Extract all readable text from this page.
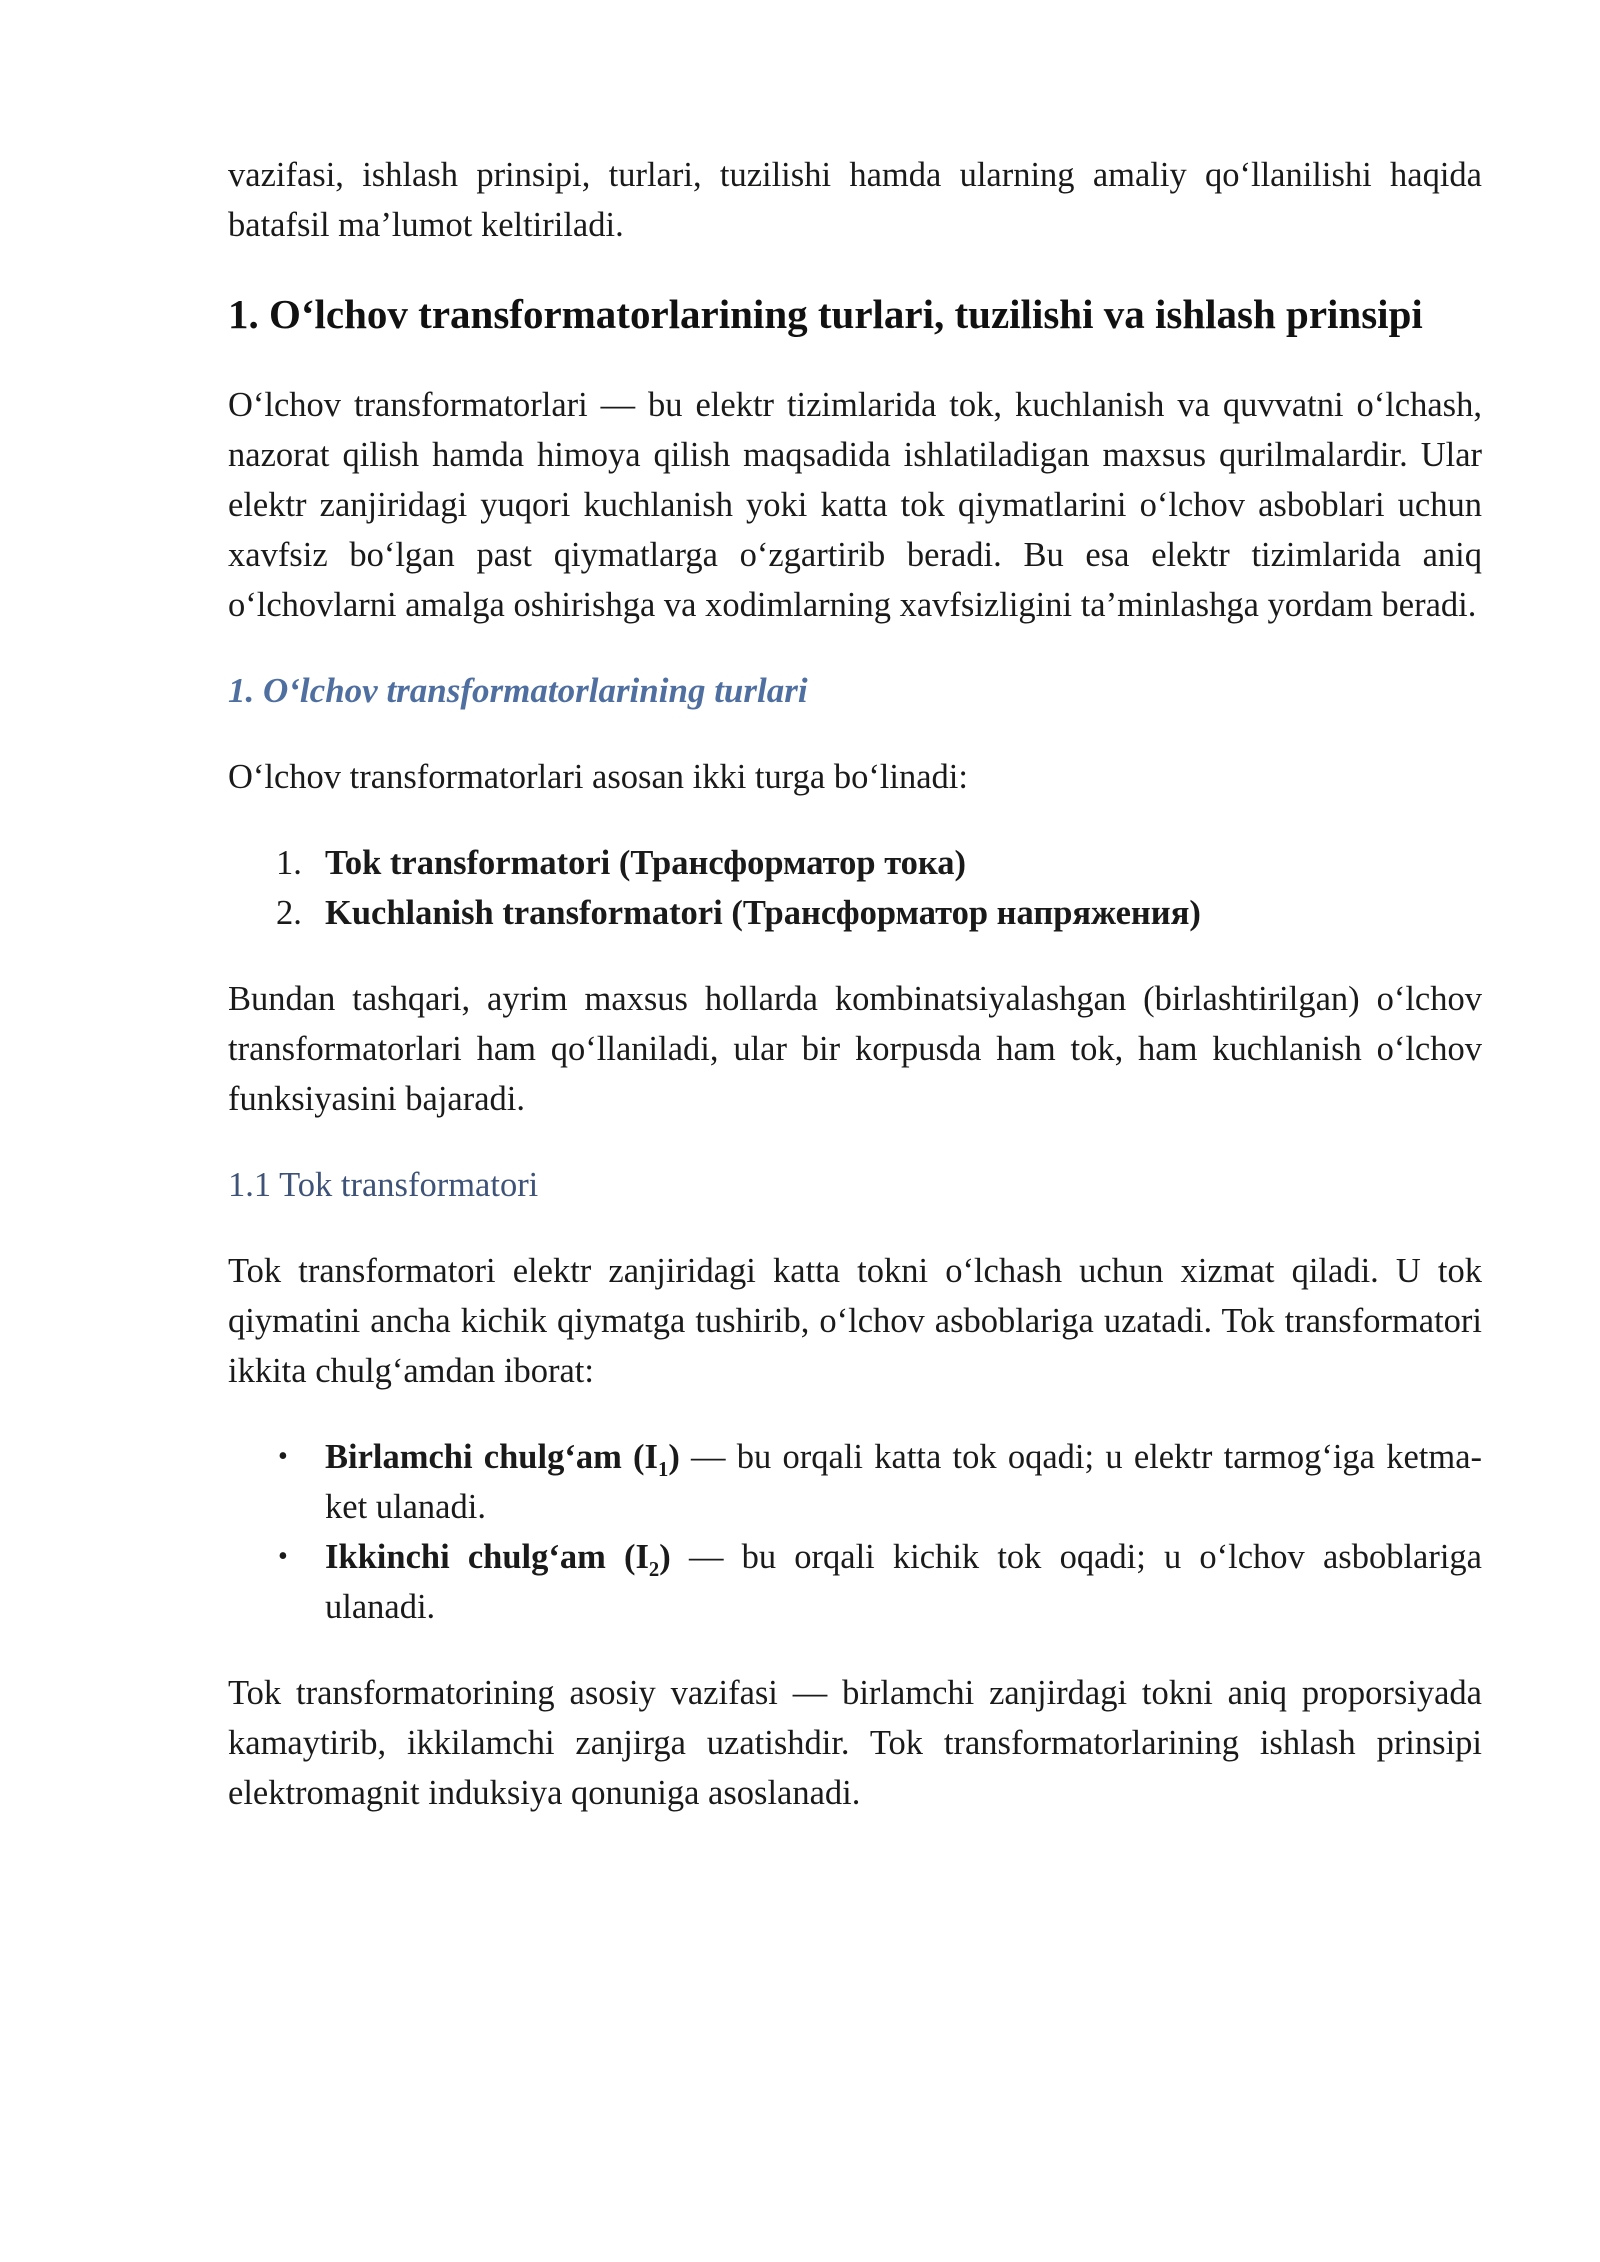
vazifasi, ishlash prinsipi, turlari, tuzilishi hamda ularning amaliy qo‘llanilishi haqida batafsil ma’lumot keltiriladi.

1. O‘lchov transformatorlarining turlari, tuzilishi va ishlash prinsipi

O‘lchov transformatorlari — bu elektr tizimlarida tok, kuchlanish va quvvatni o‘lchash, nazorat qilish hamda himoya qilish maqsadida ishlatiladigan maxsus qurilmalardir. Ular elektr zanjiridagi yuqori kuchlanish yoki katta tok qiymatlarini o‘lchov asboblari uchun xavfsiz bo‘lgan past qiymatlarga o‘zgartirib beradi. Bu esa elektr tizimlarida aniq o‘lchovlarni amalga oshirishga va xodimlarning xavfsizligini ta’minlashga yordam beradi.

1. O‘lchov transformatorlarining turlari

O‘lchov transformatorlari asosan ikki turga bo‘linadi:

1. Tok transformatori (Трансформатор тока)
2. Kuchlanish transformatori (Трансформатор напряжения)

Bundan tashqari, ayrim maxsus hollarda kombinatsiyalashgan (birlashtirilgan) o‘lchov transformatorlari ham qo‘llaniladi, ular bir korpusda ham tok, ham kuchlanish o‘lchov funksiyasini bajaradi.

1.1 Tok transformatori

Tok transformatori elektr zanjiridagi katta tokni o‘lchash uchun xizmat qiladi. U tok qiymatini ancha kichik qiymatga tushirib, o‘lchov asboblariga uzatadi. Tok transformatori ikkita chulg‘amdan iborat:

• Birlamchi chulg‘am $(I_1)$ — bu orqali katta tok oqadi; u elektr tarmog‘iga ketma-ket ulanadi.
• Ikkinchi chulg‘am $(I_2)$ — bu orqali kichik tok oqadi; u o‘lchov asboblariga ulanadi.

Tok transformatorining asosiy vazifasi — birlamchi zanjirdagi tokni aniq proporsiyada kamaytirib, ikkilamchi zanjirga uzatishdir. Tok transformatorlarining ishlash prinsipi elektromagnit induksiya qonuniga asoslanadi.
